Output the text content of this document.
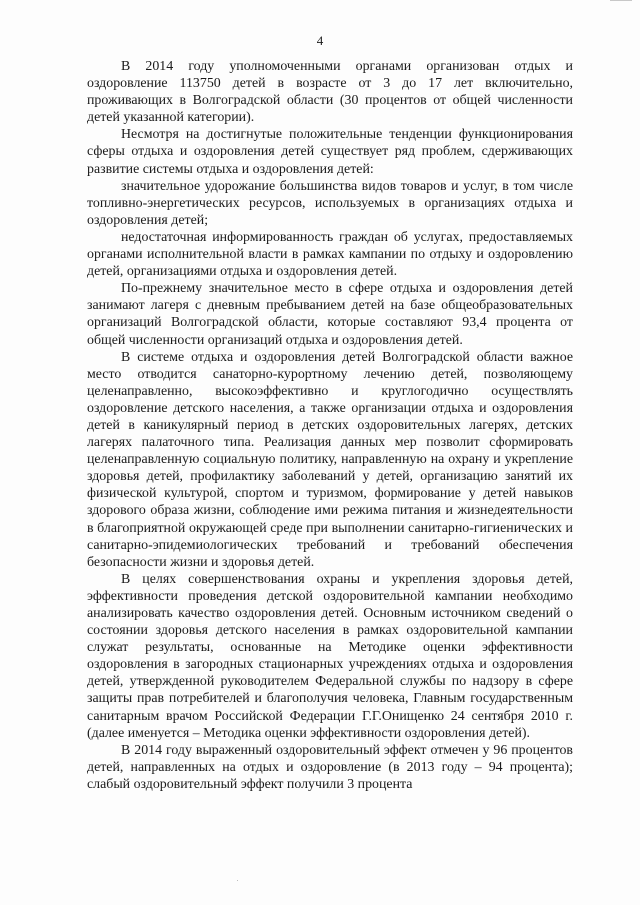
4

В 2014 году уполномоченными органами организован отдых и оздоровление 113750 детей в возрасте от 3 до 17 лет включительно, проживающих в Волгоградской области (30 процентов от общей численности детей указанной категории).

Несмотря на достигнутые положительные тенденции функционирования сферы отдыха и оздоровления детей существует ряд проблем, сдерживающих развитие системы отдыха и оздоровления детей:

значительное удорожание большинства видов товаров и услуг, в том числе топливно-энергетических ресурсов, используемых в организациях отдыха и оздоровления детей;

недостаточная информированность граждан об услугах, предоставляемых органами исполнительной власти в рамках кампании по отдыху и оздоровлению детей, организациями отдыха и оздоровления детей.

По-прежнему значительное место в сфере отдыха и оздоровления детей занимают лагеря с дневным пребыванием детей на базе общеобразовательных организаций Волгоградской области, которые составляют 93,4 процента от общей численности организаций отдыха и оздоровления детей.

В системе отдыха и оздоровления детей Волгоградской области важное место отводится санаторно-курортному лечению детей, позволяющему целенаправленно, высокоэффективно и круглогодично осуществлять оздоровление детского населения, а также организации отдыха и оздоровления детей в каникулярный период в детских оздоровительных лагерях, детских лагерях палаточного типа. Реализация данных мер позволит сформировать целенаправленную социальную политику, направленную на охрану и укрепление здоровья детей, профилактику заболеваний у детей, организацию занятий их физической культурой, спортом и туризмом, формирование у детей навыков здорового образа жизни, соблюдение ими режима питания и жизнедеятельности в благоприятной окружающей среде при выполнении санитарно-гигиенических и санитарно-эпидемиологических требований и требований обеспечения безопасности жизни и здоровья детей.

В целях совершенствования охраны и укрепления здоровья детей, эффективности проведения детской оздоровительной кампании необходимо анализировать качество оздоровления детей. Основным источником сведений о состоянии здоровья детского населения в рамках оздоровительной кампании служат результаты, основанные на Методике оценки эффективности оздоровления в загородных стационарных учреждениях отдыха и оздоровления детей, утвержденной руководителем Федеральной службы по надзору в сфере защиты прав потребителей и благополучия человека, Главным государственным санитарным врачом Российской Федерации Г.Г.Онищенко 24 сентября 2010 г. (далее именуется – Методика оценки эффективности оздоровления детей).

В 2014 году выраженный оздоровительный эффект отмечен у 96 процентов детей, направленных на отдых и оздоровление (в 2013 году – 94 процента); слабый оздоровительный эффект получили 3 процента
